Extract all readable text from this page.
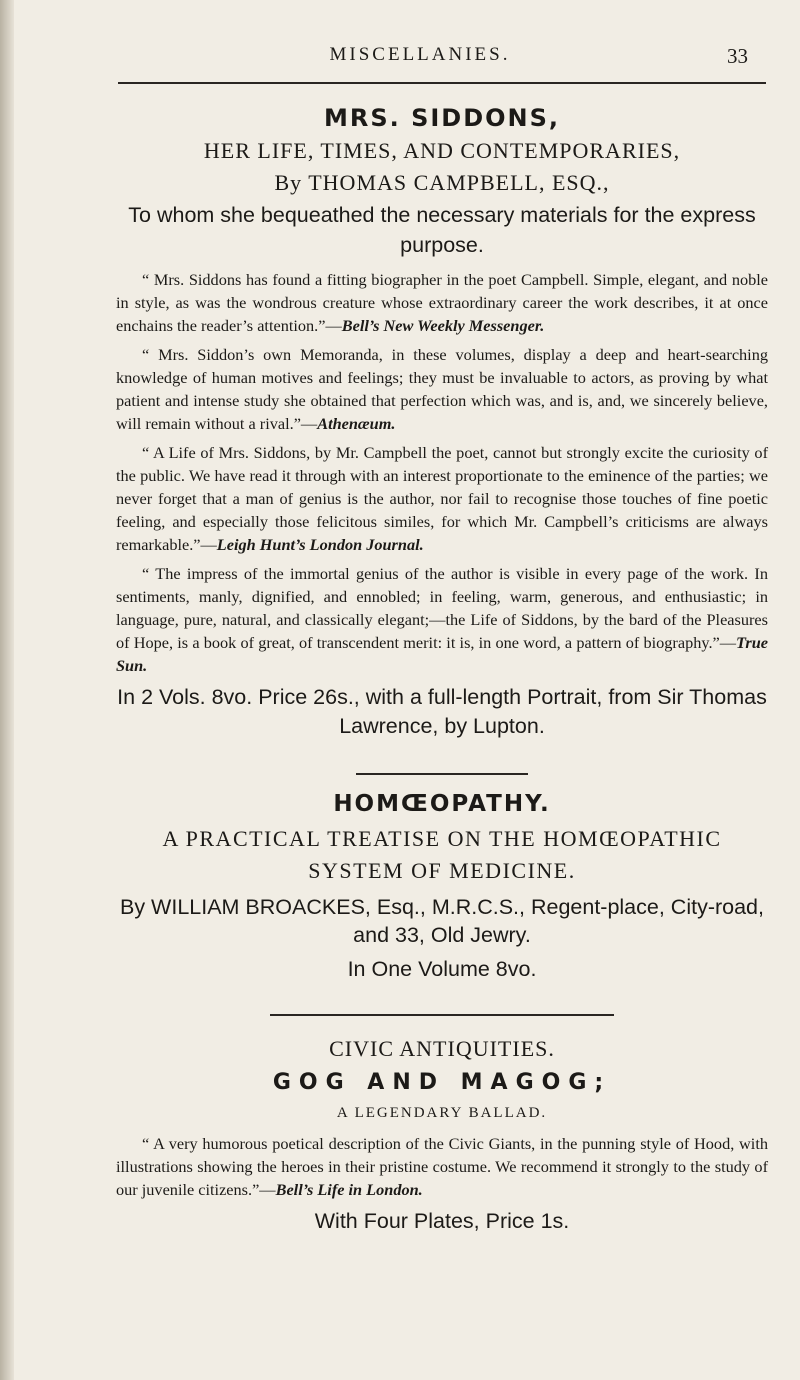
MISCELLANIES.	33
MRS. SIDDONS,
HER LIFE, TIMES, AND CONTEMPORARIES,
By THOMAS CAMPBELL, ESQ.,
To whom she bequeathed the necessary materials for the express purpose.

“ Mrs. Siddons has found a fitting biographer in the poet Campbell. Simple, elegant, and noble in style, as was the wondrous creature whose extraordinary career the work describes, it at once enchains the reader’s attention.”—Bell’s New Weekly Messenger.

“ Mrs. Siddon’s own Memoranda, in these volumes, display a deep and heart-searching knowledge of human motives and feelings; they must be invaluable to actors, as proving by what patient and intense study she obtained that perfection which was, and is, and, we sincerely believe, will remain without a rival.”—Athenæum.

“ A Life of Mrs. Siddons, by Mr. Campbell the poet, cannot but strongly excite the curiosity of the public. We have read it through with an interest proportionate to the eminence of the parties; we never forget that a man of genius is the author, nor fail to recognise those touches of fine poetic feeling, and especially those felicitous similes, for which Mr. Campbell’s criticisms are always remarkable.”—Leigh Hunt’s London Journal.

“ The impress of the immortal genius of the author is visible in every page of the work. In sentiments, manly, dignified, and ennobled; in feeling, warm, generous, and enthusiastic; in language, pure, natural, and classically elegant;—the Life of Siddons, by the bard of the Pleasures of Hope, is a book of great, of transcendent merit: it is, in one word, a pattern of biography.”—True Sun.

In 2 Vols. 8vo. Price 26s., with a full-length Portrait, from Sir Thomas Lawrence, by Lupton.
HOMŒOPATHY.
A PRACTICAL TREATISE ON THE HOMŒOPATHIC SYSTEM OF MEDICINE.
By WILLIAM BROACKES, Esq., M.R.C.S., Regent-place, City-road, and 33, Old Jewry.
In One Volume 8vo.
CIVIC ANTIQUITIES.
GOG AND MAGOG;
A LEGENDARY BALLAD.

“ A very humorous poetical description of the Civic Giants, in the punning style of Hood, with illustrations showing the heroes in their pristine costume. We recommend it strongly to the study of our juvenile citizens.”—Bell’s Life in London.

With Four Plates, Price 1s.
